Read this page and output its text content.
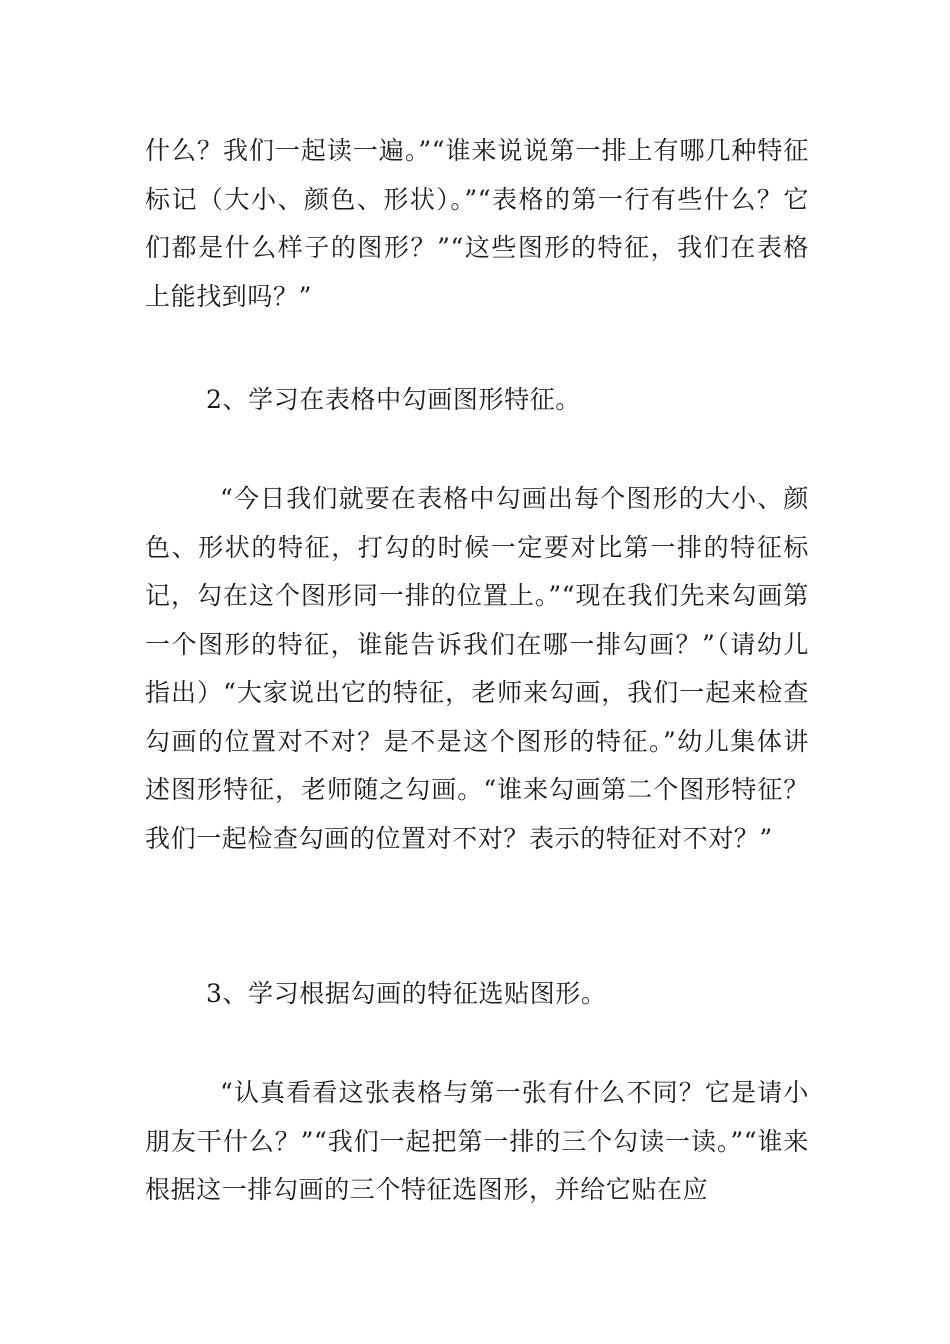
什么？我们一起读一遍。”“谁来说说第一排上有哪几种特征标记（大小、颜色、形状）。”“表格的第一行有些什么？它们都是什么样子的图形？”“这些图形的特征，我们在表格上能找到吗？”

2、学习在表格中勾画图形特征。

“今日我们就要在表格中勾画出每个图形的大小、颜色、形状的特征，打勾的时候一定要对比第一排的特征标记，勾在这个图形同一排的位置上。”“现在我们先来勾画第一个图形的特征，谁能告诉我们在哪一排勾画？”（请幼儿指出）“大家说出它的特征，老师来勾画，我们一起来检查勾画的位置对不对？是不是这个图形的特征。”幼儿集体讲述图形特征，老师随之勾画。“谁来勾画第二个图形特征？我们一起检查勾画的位置对不对？表示的特征对不对？”

3、学习根据勾画的特征选贴图形。

“认真看看这张表格与第一张有什么不同？它是请小朋友干什么？”“我们一起把第一排的三个勾读一读。”“谁来根据这一排勾画的三个特征选图形，并给它贴在应
